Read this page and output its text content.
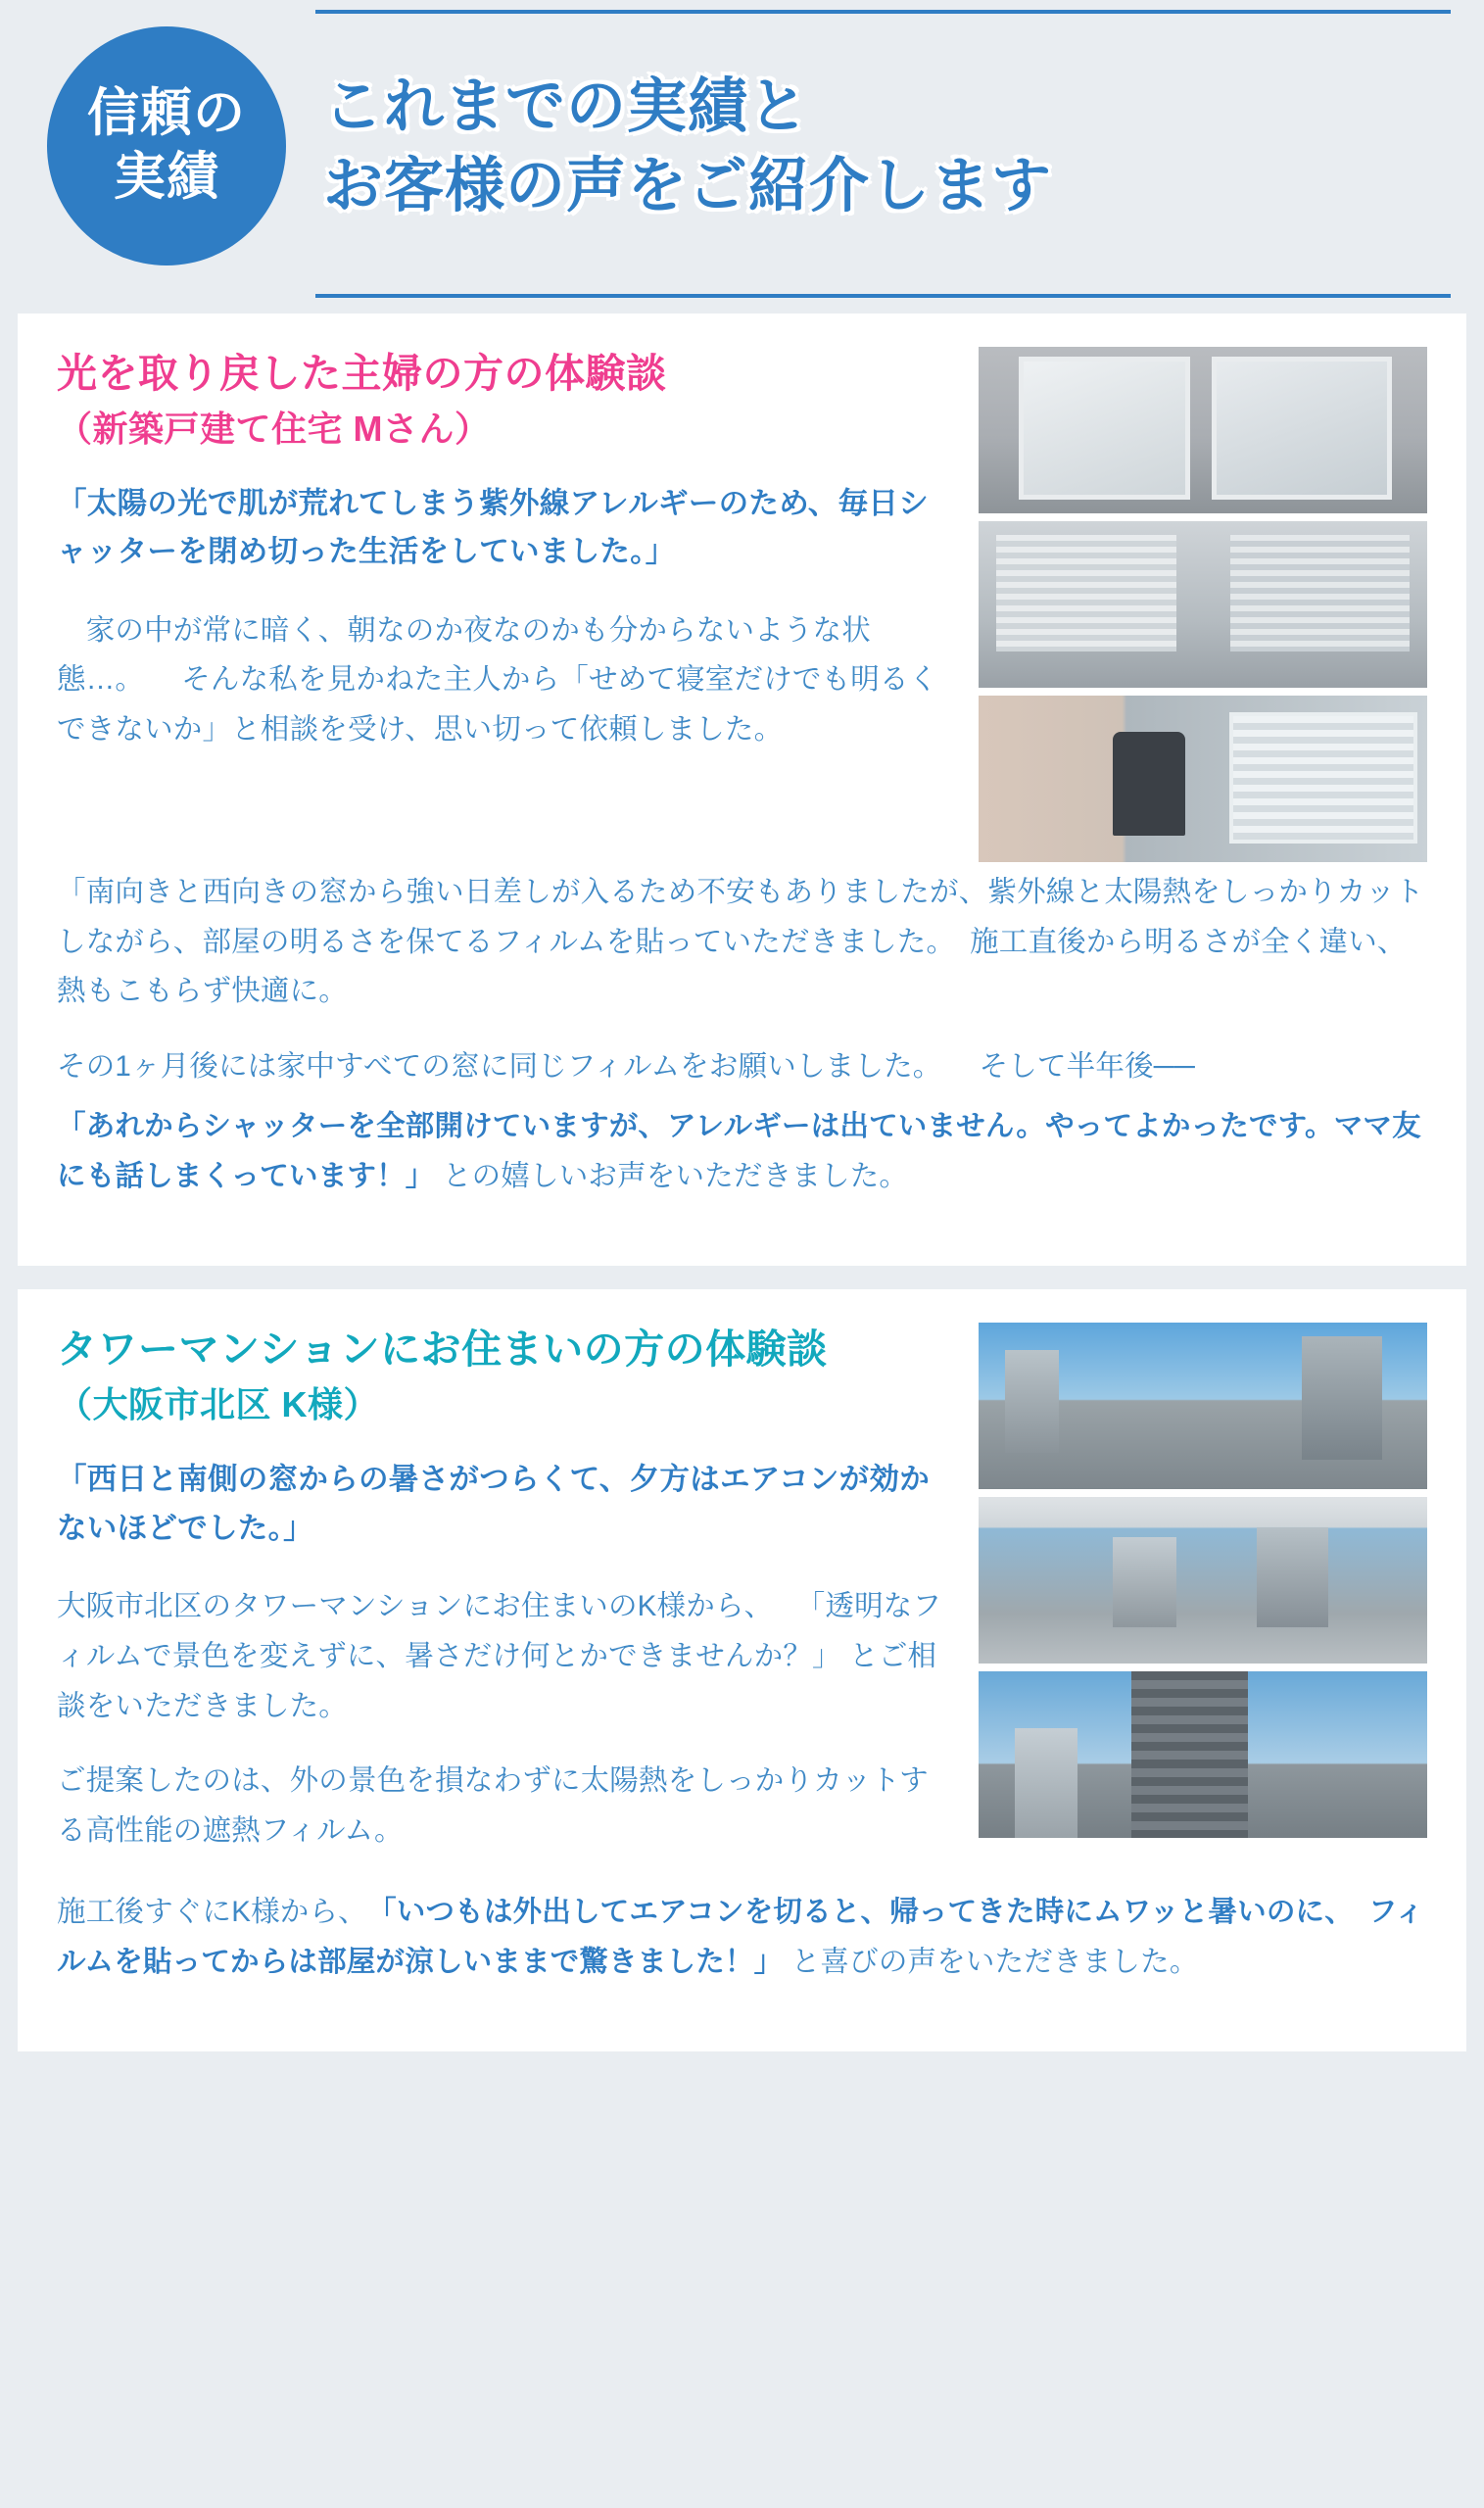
信頼の
実績
これまでの実績と
お客様の声をご紹介します
光を取り戻した主婦の方の体験談
（新築戸建て住宅 Mさん）

「太陽の光で肌が荒れてしまう紫外線アレルギーのため、毎日シャッターを閉め切った生活をしていました。」

　家の中が常に暗く、朝なのか夜なのかも分からないような状態…。 　そんな私を見かねた主人から「せめて寝室だけでも明るくできないか」と相談を受け、思い切って依頼しました。

「南向きと西向きの窓から強い日差しが入るため不安もありましたが、紫外線と太陽熱をしっかりカットしながら、部屋の明るさを保てるフィルムを貼っていただきました。　施工直後から明るさが全く違い、熱もこもらず快適に。

その1ヶ月後には家中すべての窓に同じフィルムをお願いしました。 　そして半年後──

「あれからシャッターを全部開けていますが、アレルギーは出ていません。やってよかったです。ママ友にも話しまくっています！」 との嬉しいお声をいただきました。

タワーマンションにお住まいの方の体験談
（大阪市北区 K様）

「西日と南側の窓からの暑さがつらくて、夕方はエアコンが効かないほどでした。」

大阪市北区のタワーマンションにお住まいのK様から、 　「透明なフィルムで景色を変えずに、暑さだけ何とかできませんか？」 とご相談をいただきました。

ご提案したのは、外の景色を損なわずに太陽熱をしっかりカットする高性能の遮熱フィルム。

施工後すぐにK様から、　「いつもは外出してエアコンを切ると、帰ってきた時にムワッと暑いのに、　フィルムを貼ってからは部屋が涼しいままで驚きました！」 と喜びの声をいただきました。
